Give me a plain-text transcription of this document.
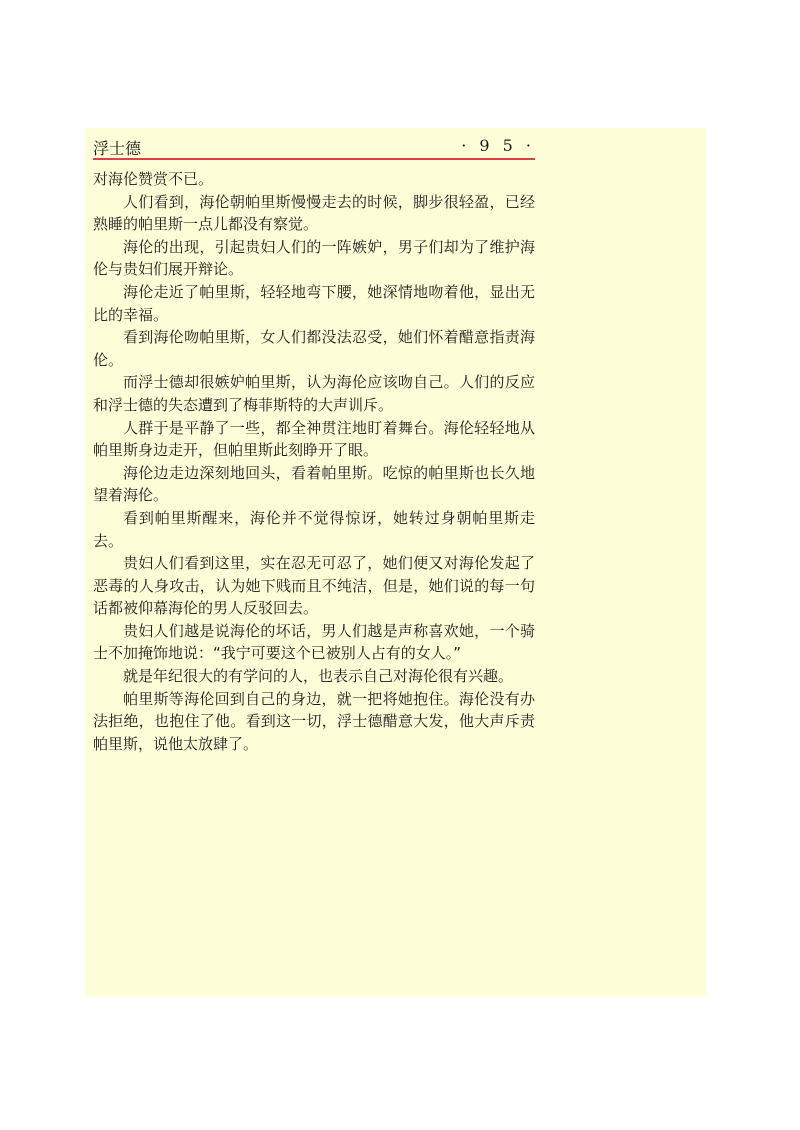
浮士德	· 9 5 ·

对海伦赞赏不已。

人们看到，海伦朝帕里斯慢慢走去的时候，脚步很轻盈，已经熟睡的帕里斯一点儿都没有察觉。

海伦的出现，引起贵妇人们的一阵嫉妒，男子们却为了维护海伦与贵妇们展开辩论。

海伦走近了帕里斯，轻轻地弯下腰，她深情地吻着他，显出无比的幸福。

看到海伦吻帕里斯，女人们都没法忍受，她们怀着醋意指责海伦。

而浮士德却很嫉妒帕里斯，认为海伦应该吻自己。人们的反应和浮士德的失态遭到了梅菲斯特的大声训斥。

人群于是平静了一些，都全神贯注地盯着舞台。海伦轻轻地从帕里斯身边走开，但帕里斯此刻睁开了眼。

海伦边走边深刻地回头，看着帕里斯。吃惊的帕里斯也长久地望着海伦。

看到帕里斯醒来，海伦并不觉得惊讶，她转过身朝帕里斯走去。

贵妇人们看到这里，实在忍无可忍了，她们便又对海伦发起了恶毒的人身攻击，认为她下贱而且不纯洁，但是，她们说的每一句话都被仰幕海伦的男人反驳回去。

贵妇人们越是说海伦的坏话，男人们越是声称喜欢她，一个骑士不加掩饰地说：“我宁可要这个已被别人占有的女人。”

就是年纪很大的有学问的人，也表示自己对海伦很有兴趣。

帕里斯等海伦回到自己的身边，就一把将她抱住。海伦没有办法拒绝，也抱住了他。看到这一切，浮士德醋意大发，他大声斥责帕里斯，说他太放肆了。
